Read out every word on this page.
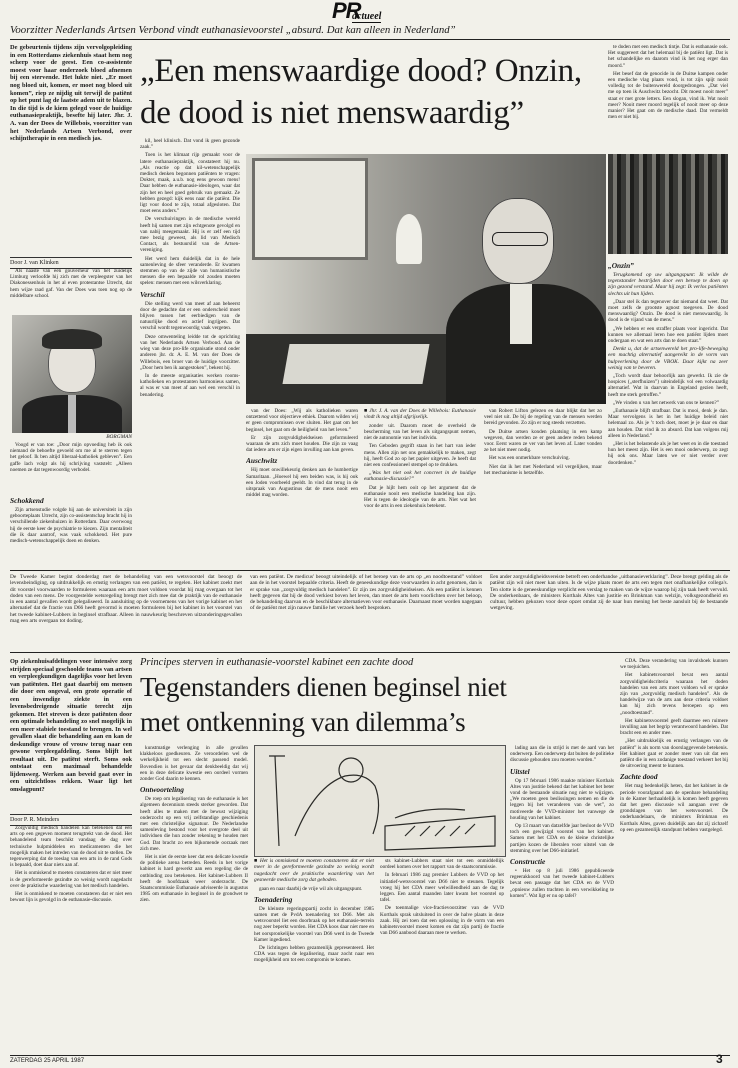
PR
actueel
Voorzitter Nederlands Artsen Verbond vindt euthanasievoorstel „absurd. Dat kan alleen in Nederland”
De gebeurtenis tijdens zijn vervolgopleiding in een Rotterdams ziekenhuis staat hem nog scherp voor de geest. Een co-assistente moest voor haar onderzoek bloed afnemen bij een stervende. Het lukte niet. „Er moet nog bloed uit, komen, er moet nog bloed uit komen”, riep ze nijdig uit terwijl de patiënt op het punt lag de laatste adem uit te blazen. In die tijd is de kiem gelegd voor de huidige euthanasiepraktijk, besefte hij later. Jhr. J. A. van der Does de Willebois, voorzitter van het Nederlands Artsen Verbond, over schijntherapie in een medisch jas.
Door J. van Klinken

Als naaste van een gouverneur van het zuidelijk Limburg verloofde hij zich met de verpleegster van het Diakonessenhuis in het al even protestantse Utrecht, dat hem wijze raad gaf. Van der Does was toen nog op de middelbare school.

BORGMAN

Voogd er van toe: „Door mijn opvoeding heb ik ook niemand de behoefte gevoeld om me al te sterren tegen het geloof. Ik ben altijd liberaal-katholiek gebleven”. Een gaffe lach volgt als hij schrijving vaststelt: „Alleen noemen ze dat tegenwoordig verbodel.

Schokkend

Zijn artsenstudie volgde hij aan de universiteit in zijn geboorteplaats Utrecht, zijn co-assistentschap bracht hij in verschillende ziekenhuizen in Rotterdam. Daar overwoog hij de eerste keer de psychiatrie te kiezen. Zijn mentaliteit die ik daar aantrof, was vaak schokkend. Het pure medisch-wetenschappelijk doen en denken.

„Een menswaardige dood? Onzin,
de dood is niet menswaardig”

kil, heel klinisch. Dat vond ik geen gezonde zaak.”

Toen is het klimaat rijp gemaakt voor de latere euthanasiepraktijk, constateert hij nu. „Als reactie op dat kil-wetenschappelijk medisch denken begonnen patiënten te vragen: Dokter, maak, a.u.b. nog eens gewoon mens! Daar hebben de euthanasie-ideologen, waar dat zijn het en heel goed gebruik van gemaakt. Ze hebben gezegd: kijk eens naar die patiënt. Die ligt voor dood te zijn, totaal afgesloten. Dat moet eens anders.”

De verschuivingen in de medische wereld heeft hij samen met zijn echtgenote gevolgd en van nabij meegemaakt. Hij is er zelf een tijd mee bezig geweest, als lid van Medisch Contact, als bestuurslid van de Artsen-vereniging.

Het werd hem duidelijk dat in de hele samenleving de sfeer veranderde. Er kwamen stemmen op van de zijde van humanistische mensen die een bepaalde rol zouden moeten spelen: mensen met een wilsverklaring.

Verschil

Die stelling werd van meet af aan beheerst door de gedachte dat er een onderscheid moet blijven tussen het eerbiedigen van de natuurlijke dood en actief ingrijpen. Dat verschil wordt tegenwoordig vaak vergeten.

Deze omwenteling leidde tot de oprichting van het Nederlands Artsen Verbond. Aan de wieg van deze pro-life organisatie stond onder anderen jhr. dr. A. E. M. van der Does de Willebois, een broer van de huidige voorzitter. „Door hem ben ik aangestoken”, bekent hij.

In de meeste organisaties werken rooms-katholieken en protestanten harmonieus samen, al was er van meet af aan wel een verschil in benadering.

te doden met een medisch tintje. Dat is euthanasie ook. Het suggereert dat het helemaal bij de patiënt ligt. Dat is het schandelijke en daarom vind ik het nog erger dan moord.”

Het besef dat de genocide in de Duitse kampen onder een medische vlag plaats vond, is tot zijn spijt nooit volledig tot de buitenwereld doorgedrongen. „Dat viel me op toen ik Auschwitz bezocht. Dit moest nooit meer” staat er met grote letters. Een slogan, vind ik. Wat nooit meer? Nooit meer moord tegelijk of nooit meer op deze manier? Het gaat om de medische daad. Dat vermeldt men er niet bij.

„Onzin”

Terugkomend op uw uitgangspunt: Ik wilde de tegenstander bestrijden door een beroep te doen op zijn gezond verstand. Maar hij zegt: Ik verlos patiënten slechts uit hun lijden.

„Daar stel ik dan tegenover dat niemand dat weet. Dat moet zelfs de grootste agnost toegeven. De dood menswaardig? Onzin. De dood is niet menswaardig. Is dood is de vijand van de mens.”

„We hebben er een straffer plaats voor ingericht. Dat kunnen we allemaal leren hoe een patiënt lijden moet ondergaan en wat een arts dan te doen staat.”

Denkt u, dat de artsenwereld het pro-life-beweging een machtig alternatief aangereikt in de vorm van hulpverlening door de VBOK. Daar kijkt na zeer weinig van te beveren.

„Toch wordt daar behoorlijk aan gewerkt. Ik zie de hospices („sterfhuizen”) uiteindelijk vol een volwaardig alternatief. Wat in daarvan in Engeland gezien heeft, heeft me sterk getroffen.”

„We vinden u van het netwerk van ons te kennen?”

„Euthanasie blijft strafbaar. Dat is mooi, denk je dan. Maar vervolgens is het in het huidige beleid niet helemaal zo. Als je ’t toch doet, moet je je daar en daar aan houden. Dat vind ik zo absurd. Dat kan volgens mij alleen in Nederland.”

„Het is het belastende als je het weet en in die toestand hun het meest zijn. Het is een mooi onderwerp, zo zegt hij ook ons. Maar laten we er niet verder over doordenken.”

van der Does: „Wij als katholieken waren ontzettend voor objectieve ethiek. Daarom wilden wij er geen compromissen over sluiten. Het gaat om het beginsel, het gaat om de heiligheid van het leven.”

Er zijn zorgvuldigheidseisen geformuleerd waaraan de arts zich moet houden. Die zijn zo vaag dat iedere arts er zijn eigen invulling aan kan geven.

Auschwitz

Hij moet onwillekeurig denken aan de humbertige Samaritaan. „Hoewel hij een beiden was, is hij ook een Joden voorbeeld geeldt. In vind dat terug in de uitspraak van Augustinus dat de mens nooit een middel mag worden.

■ Jhr. J. A. van der Does de Willebois: Euthanasie vindt ik nog altijd afgrijselijk.

zonder uit. Daarom moet de overheid de bescherming van het leven als uitgangspunt nemen, niet de autonomie van het individu.

Ten Geboden gegrift staan in het hart van ieder mens. Allen zijn net ons gemakkelijk te maken, zegt hij, heeft God zo op het papier uitgeven. Je heeft dat niet een confessioneel stempel op te drukken.

„Was het niet ook het concreet in de huidige euthanasie-discussie?”

Dat je hijlt hem ooit op het argument dat de euthanasie nooit een medische handeling kan zijn. Het is tegen de ideologie van de arts. Niet wat het voor de arts in een ziekenhuis betekent.

van Robert Lifton gelezen en daar blijkt dat het zo veel niet uit. De bij de regeling van de mensen werden bereid gevonden. Zo zijn er nog steeds verzetten.

De Duitse artsen konden plaatsing in een kamp wegeven, dan werden ze er geen andere reden bekend voor. Eerst waren ze ver van het leven af. Later vonden ze het niet meer nodig.

Het was een onmerkbare verschuiving.

Niet dat ik het met Nederland wil vergelijken, maar het mechanisme is hetzelfde.

De Tweede Kamer begint donderdag met de behandeling van een wetsvoorstel dat beoogt de levensbeindiging, op uitdrukkelijk en ernstig verlangen van een patiënt, te regelen. Het kabinet zoekt met dit voorstel voorwaarden te formuleren waaraan een arts moet voldoen voordat hij mag overgaan tot het doden van een mens. De voorgestelde wetsregeling brengt met zich mee dat de praktijk van de euthanasie in een aantal gevallen wordt gelegaliseerd. In aansluiting op de voornemens van het vorige kabinet en het alternatief dat de fractie van D66 heeft gevormd is moeten formuleren bij het kabinet in het voorstel van het tweede kabinet-Lubbers in beginsel strafbaar. Alleen in nauwkeurig beschreven uitzonderingsgevallen mag een arts overgaan tot doding.
van een patiënt. De medicus' beoogt uiteindelijk of het beroep van de arts op „en noodtoestand” voldoet aan de in het voorstel bepaalde criteria. Heeft de geneeskundige deze voorwaarden in acht genomen, dan is er sprake van „zorgvuldig medisch handelen”. Er zijn zes zorgvuldigheidseisen. Als een patiënt is kennen heeft gegeven dat hij de dood verkiest boven het leven, dan moet de arts hem voorlichten over het beloop, de behandeling daarvan en de beschikbare alternatieven voor euthanasie. Daarnaast moet worden nagegaan of de patiënt met zijn nauwe familie het verzoek heeft besproken.
Een ander zorgvuldigheidsvereiste betreft een onderhandse „uitbanasieverklaring”. Deze brengt gelding als de patiënt zijn wil niet meer kan uiten. Is de wijze plaats moet de arts een tegen met onafhankelijke collega's. Ten slotte is de geneeskundige verplicht een verslag te maken van de wijze waarop hij zijn taak heeft vervuld. De onderkenbaars, de ministers Korthals Altes van justitie en Brinkman van welzijn, volksgezondheid en cultuur, hebben gekozen voor deze opzet omdat zij de naar hun mening het beste aansluit bij de bestaande wetgeving.
Op ziekenhuisafdelingen voor intensive zorg strijden speciaal geschoolde teams van artsen en verpleegkundigen dagelijks voor het leven van patiënten. Het gaat daarbij om mensen die door een ongeval, een grote operatie of een inwendige ziekte in een levensbedreigende situatie terecht zijn gekomen. Het streven is deze patiënten door een optimale behandeling zo snel mogelijk in een meer stabiele toestand te brengen. In wel gevallen slaat die behandeling aan en kan de deskundige vrouw of vrouw terug naar een gewone verpleegafdeling. Soms blijft het resultaat uit. De patiënt sterft. Soms ook ontstaat een maximaal behandelde lijdensweg. Werken aan beveid gaat over in een uitzichtloos rekken. Waar ligt het omslagpunt?
Door P. R. Meinders

Zorgvuldig medisch handelen kan betekenen dat een arts op een gegeven moment terugtrekt van de dood. Het behandelend team beschikt vandaag de dag over technische hulpmiddelen en medicamenten die het mogelijk maken het intreden van de dood uit te stellen. De tegenwerping dat de toeslag van een arts in de rand Gods is bepaald, doet daar niets aan af.

Het is onmiskend te moeten constateren dat er niet meer is de gereformeerde gezindte zo weinig wordt nagedacht over de praktische waardering van het medisch handelen.

Het is onmiskend te moeten constateren dat er niet een bewust lijn is gevolgd in de euthanasie-discussie.

Principes sterven in euthanasie-voorstel kabinet een zachte dood
Tegenstanders dienen beginsel niet
met ontkenning van dilemma’s

kunstmatige verlenging in alle gevallen klakkeloos goedkeuren. Ze veroordelen wel de werkelijkheid tot een slecht passend model. Bovendien is het gevaar dat denkbeeldig dat wij een in deze delicate kwestie een oordeel vormen zonder God daarin te kennen.

Ontwoorteling

De roep om legalisering van de euthanasie is het algemeen decennium steeds sterker geworden. Dat heeft alles te maken met de bewust wijziging onderzocht op een vrij zelfstandige geschiedenis met een christelijke signatuur. De Nederlandse samenleving bestond voor het overgrote deel uit individuen die hun zonder rekening te houden met God. Dat bracht zo een bijkomende oorzaak met zich mee.

Het is niet de eerste keer dat een delicate kwestie de politieke arena betreden. Reeds in het vorige kabinet is hard gewerkt aan een regeling die de ontbinding zou betekenen. Het kabinet-Lubbers II heeft de hoofdzaak weer onderzocht. De Staatscommissie Euthanasie adviseerde in augustus 1985 om euthanasie in beginsel in de grondwet te zien.

■ Het is onmiskend te moeten constateren dat er niet meer in de gereformeerde gezindte zo weinig wordt nagedacht over de praktische waardering van het gesneerde medische zorg dat geboden.

gaan en naar daarbij de vrije wil als uitgangspunt.

Toenadering

De kleinste regeringspartij zocht in december 1985 samen met de PvdA toenadering tot D66. Met als wetsvoorstel liet een doorbraak op het euthanasie-terrein nog zeer beperkt worden. Het CDA koos daar niet mee en het oorspronkelijke voorstel van D66 werd in de Tweede Kamer ingediend.

De lichtingen hebben gezamenlijk gepresenteerd. Het CDA was tegen de legalisering, maar zocht naar een mogelijkheid om tot een compromis te komen.

sts kabinet-Lubbers staat niet tot een onmiddellijk oordeel komen over het rapport van de staatscommissie.

In februari 1986 zag premier Lubbers de VVD op het initiatief-wetsvoorstel van D66 niet te steunen. Tegelijk vroeg hij het CDA meer welwillendheid aan de dag te leggen. Een aantal maanden later kwam het voorstel op tafel.

De toenmalige vice-fractievoorzitter van de VVD Korthals sprak uitsluitend in over de halve plaats in deze zaak. Hij zei toen dat een oplossing in de vorm van een kabinetsvoorstel moest komen en dat zijn partij de fractie van D66 aanbood daaraan mee te werken.

lading aan die in strijd is met de aard van het onderwerp. Een onderwerp dat buiten de politieke discussie gehouden zou moeten worden.”

Uitstel

Op 17 februari 1986 maakte minister Korthals Altes van justitie bekend dat het kabinet het beter vond de bestaande situatie nog niet te wijzigen. „We moeten geen beslissingen nemen en die de leggen bij het veranderen van de wet”, zo motiveerde de VVD-minister het vanwege de houding van het kabinet.

Op 13 maart van datzelfde jaar besloot de VVD toch een gewijzigd voorstel van het kabinet. Samen met het CDA en de kleine christelijke partijen kozen de liberalen voor uitstel van de stemming over het D66-initiatief.

Constructie

• Het op 8 juli 1986 gepubliceerde regeerakkoord van het tweede kabinet-Lubbers bevat een passage dat het CDA en de VVD „opnieuw zullen trachten in een verwikkeling te komen”. Wat ligt er nu op tafel?

CDA. Deze verandering van invalshoek kunnen we toejuichen.

Het kabinetsvoorstel bevat een aantal zorgvuldigheidscriteria waaraan het doden handelen van een arts moet voldoen wil er sprake zijn van „zorgvuldig medisch handelen”. Als de handelwijze van de arts aan deze criteria voldoet kan hij zich tevens beroepen op een „noodtoestand”.

Het kabinetsvoorstel geeft daarmee een ruimere invulling aan het begrip verantwoord handelen. Dat bracht een en ander mee.

„Het uitdrukkelijk en ernstig verlangen van de patiënt” is als norm van doorslaggevende betekenis. Het kabinet gaat er zonder meer van uit dat een patiënt die in een zodanige toestand verkeert het bij de uitvoering meent te kunnen.

Zachte dood

Het mag bedenkelijk heten, dat het kabinet in de periode voorafgaand aan de openbare behandeling in de Kamer herhaaldelijk is komen heeft gegeven dat het geen discussie wil aangaan over de grondslagen van het wetsvoorstel. De onderhandelaars, de ministers Brinkman en Korthals Altes, gaven duidelijk aan dat zij zichzelf op een gezamenlijk standpunt hebben vastgelegd.

ZATERDAG 25 APRIL 1987	3
